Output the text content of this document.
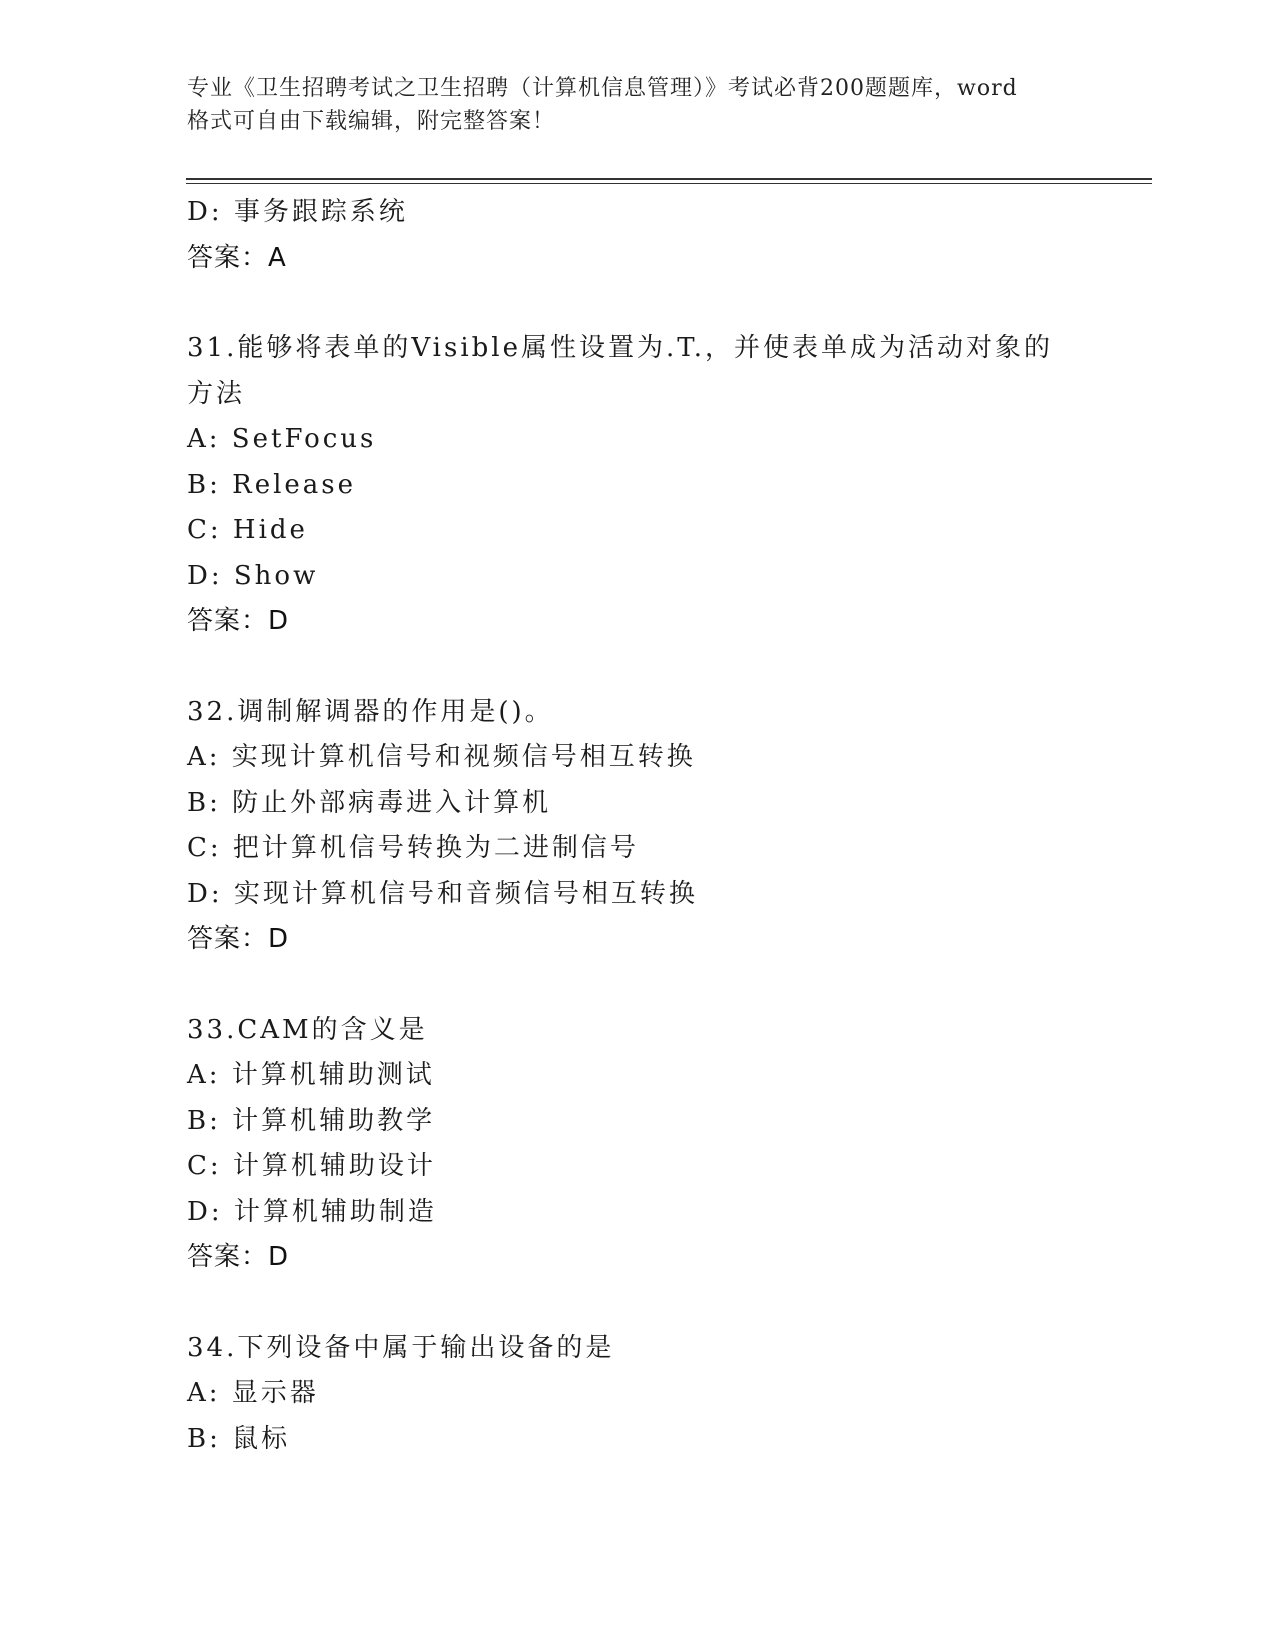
专业《卫生招聘考试之卫生招聘（计算机信息管理）》考试必背200题题库，word
格式可自由下载编辑，附完整答案！
D: 事务跟踪系统
答案：A
31.能够将表单的Visible属性设置为.T.，并使表单成为活动对象的
方法
A: SetFocus
B: Release
C: Hide
D: Show
答案：D
32.调制解调器的作用是()。
A: 实现计算机信号和视频信号相互转换
B: 防止外部病毒进入计算机
C: 把计算机信号转换为二进制信号
D: 实现计算机信号和音频信号相互转换
答案：D
33.CAM的含义是
A: 计算机辅助测试
B: 计算机辅助教学
C: 计算机辅助设计
D: 计算机辅助制造
答案：D
34.下列设备中属于输出设备的是
A: 显示器
B: 鼠标
